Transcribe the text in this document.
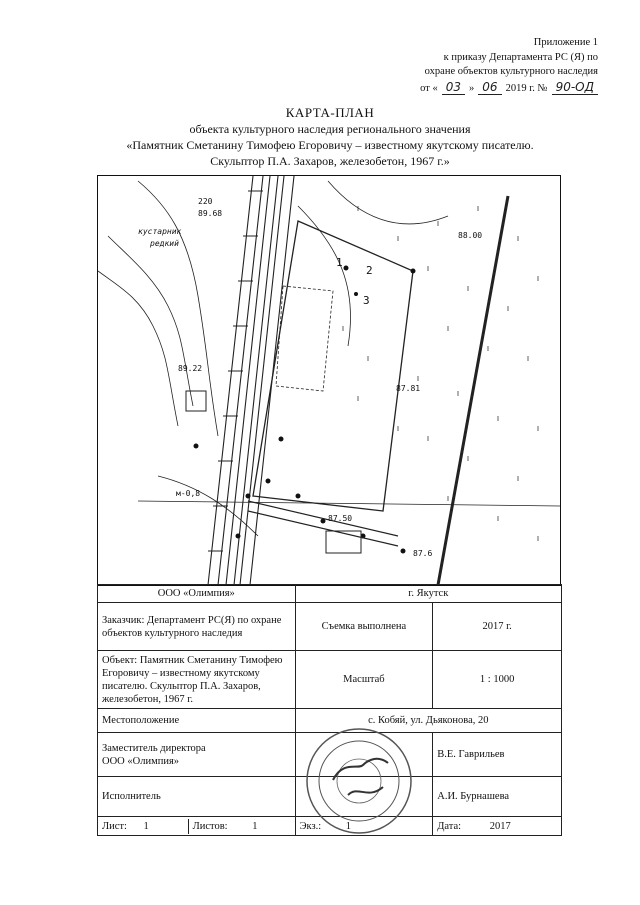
Приложение 1
к приказу Департамента РС (Я) по
охране объектов культурного наследия
от « 03 » 06 2019 г. № 90-ОД
КАРТА-ПЛАН
объекта культурного наследия регионального значения
«Памятник Сметанину Тимофею Егоровичу – известному якутскому писателю.
Скульптор П.А. Захаров, железобетон, 1967 г.»
220
89.68
88.00
89.22
87.81
87.50
87.6
1
2
3
м-0,8
кустарник
редкий
ООО «Олимпия»	г. Якутск	
Заказчик: Департамент РС(Я) по охране объектов культурного наследия	Съемка выполнена	2017 г.
Объект: Памятник Сметанину Тимофею Егоровичу – известному якутскому писателю. Скульптор П.А. Захаров, железобетон, 1967 г.	Масштаб	1 : 1000
Местоположение	с. Кобяй, ул. Дьяконова, 20	

Заместитель директора
ООО «Олимпия»		В.Е. Гаврильев
Исполнитель		А.И. Бурнашева

Лист: 1 Листов: 1	Экз.: 1	Дата: 2017
